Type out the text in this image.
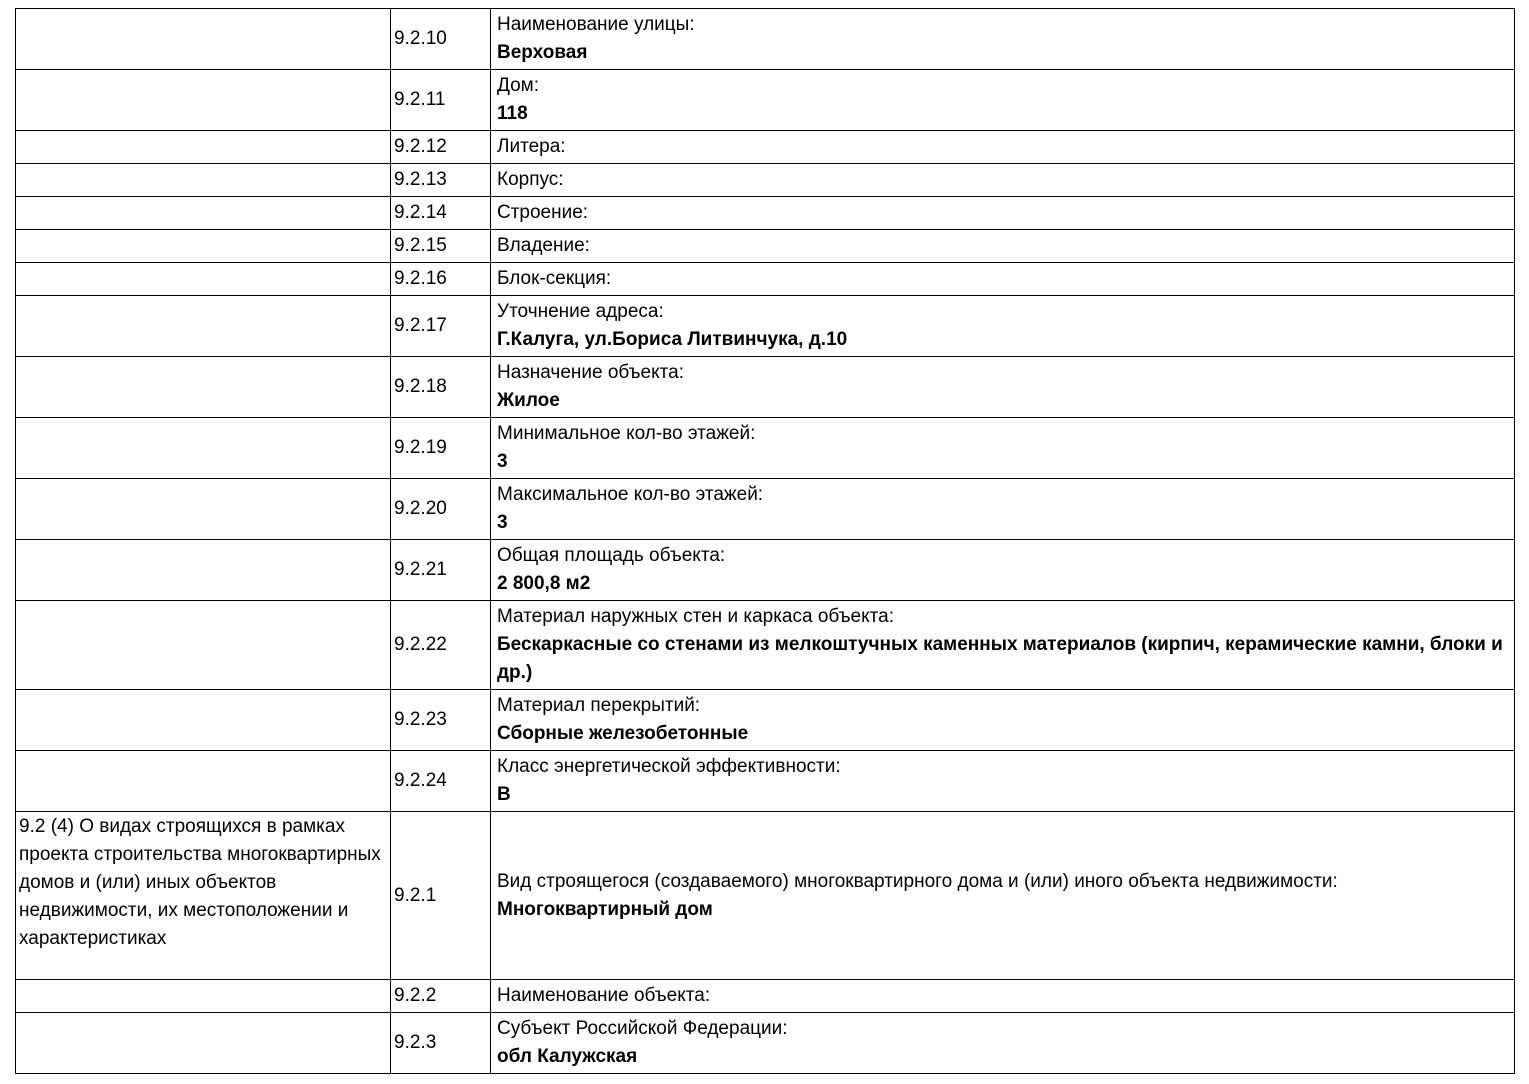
	9.2.10	Наименование улицы:
Верховая

	9.2.11	Дом:
118

	9.2.12	Литера:

	9.2.13	Корпус:

	9.2.14	Строение:

	9.2.15	Владение:

	9.2.16	Блок-секция:

	9.2.17	Уточнение адреса:
Г.Калуга, ул.Бориса Литвинчука, д.10

	9.2.18	Назначение объекта:
Жилое

	9.2.19	Минимальное кол-во этажей:
3

	9.2.20	Максимальное кол-во этажей:
3

	9.2.21	Общая площадь объекта:
2 800,8 м2

	9.2.22	Материал наружных стен и каркаса объекта:
Бескаркасные со стенами из мелкоштучных каменных материалов (кирпич, керамические камни, блоки и др.)

	9.2.23	Материал перекрытий:
Сборные железобетонные

	9.2.24	Класс энергетической эффективности:
В

9.2 (4) О видах строящихся в рамках проекта строительства многоквартирных домов и (или) иных объектов недвижимости, их местоположении и характеристиках	9.2.1	Вид строящегося (создаваемого) многоквартирного дома и (или) иного объекта недвижимости:
Многоквартирный дом

	9.2.2	Наименование объекта:

	9.2.3	Субъект Российской Федерации:
обл Калужская
